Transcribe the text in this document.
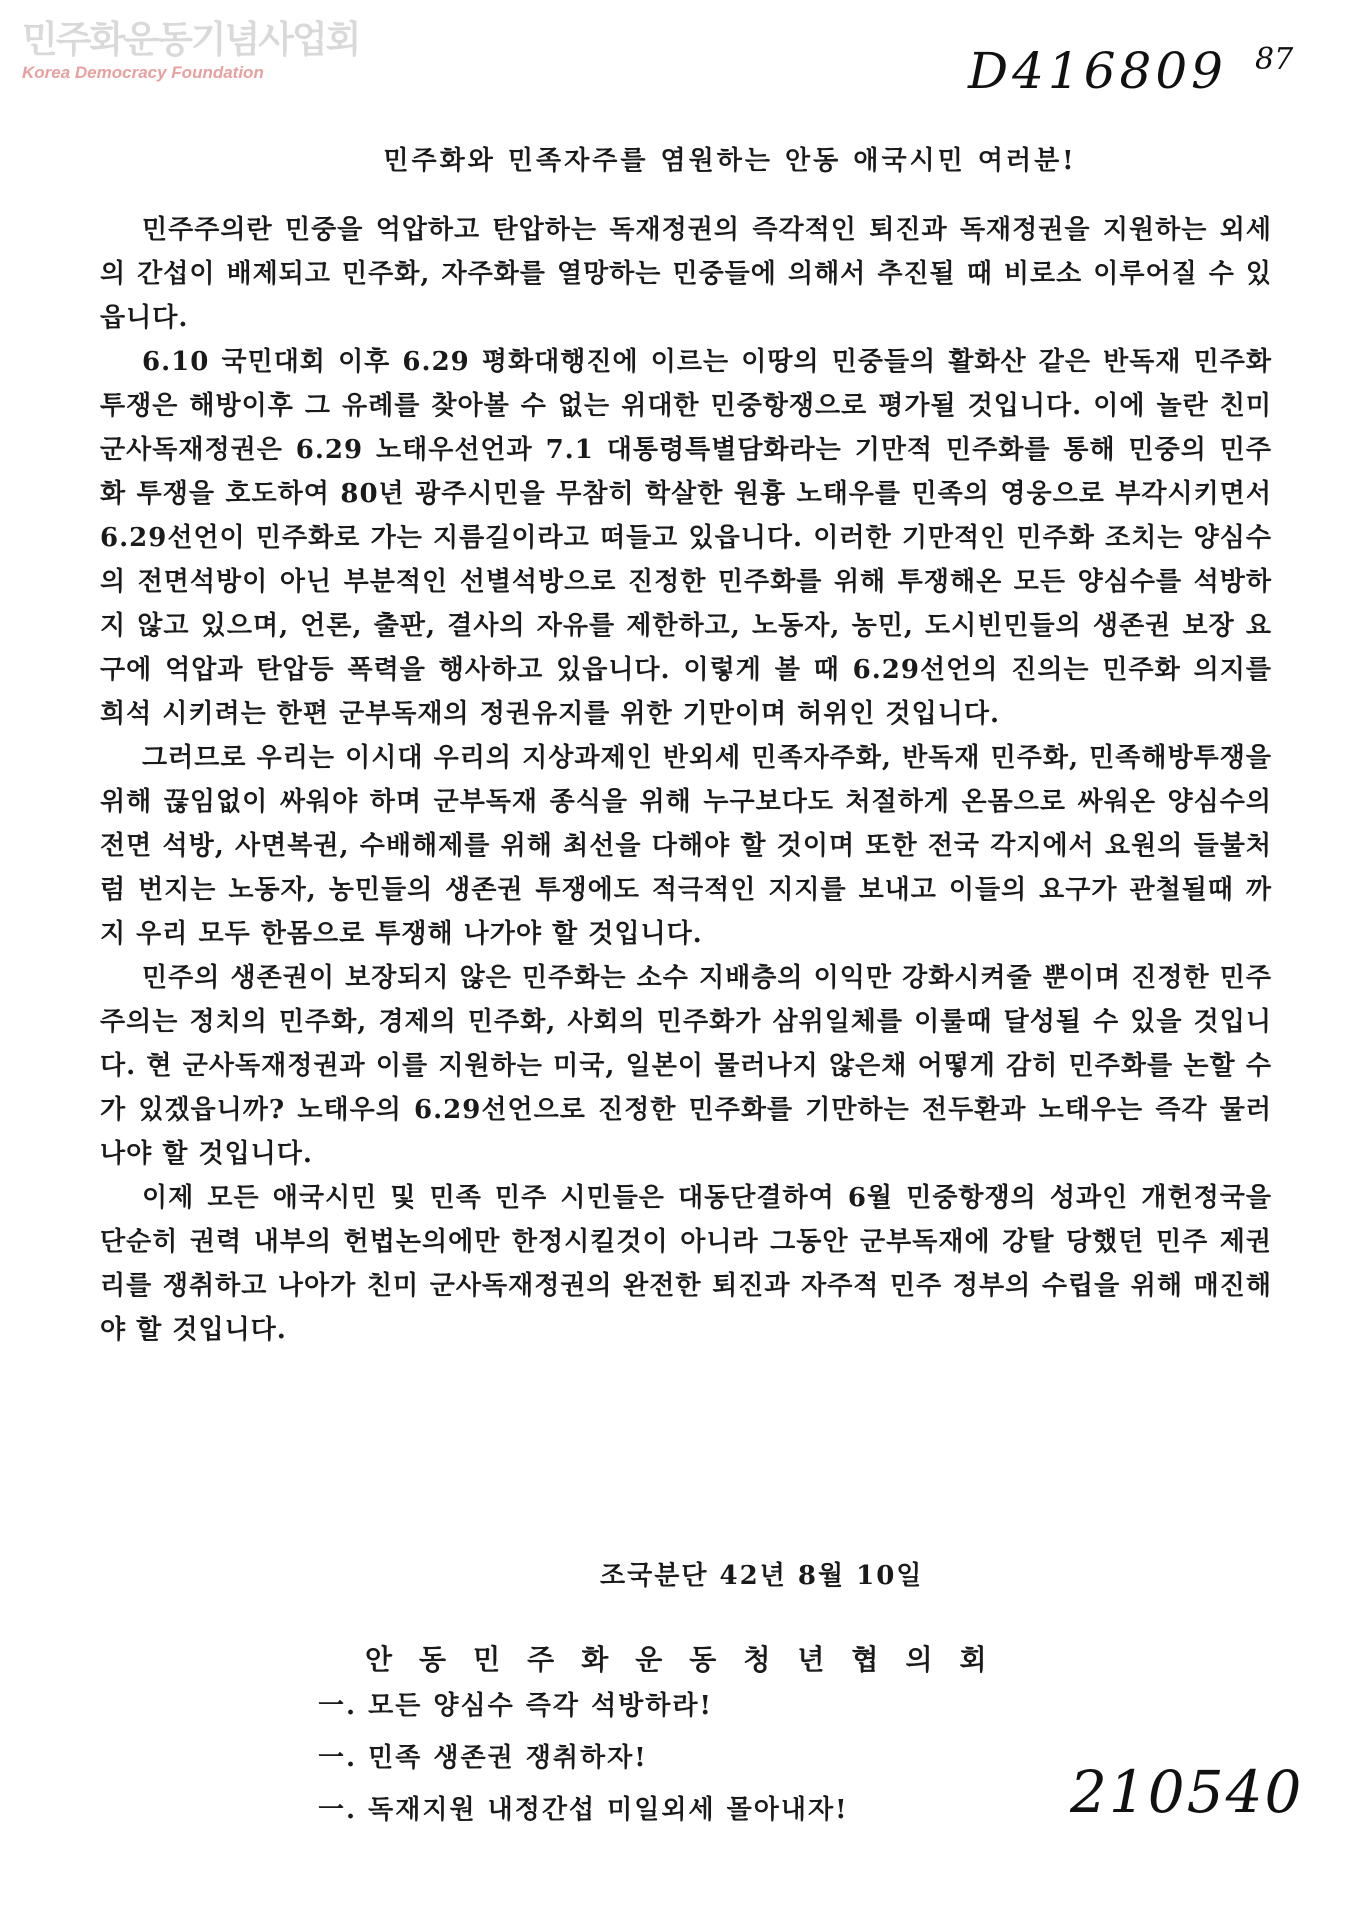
민주화운동기념사업회
Korea Democracy Foundation	D416809 87
민주화와 민족자주를 염원하는 안동 애국시민 여러분!

민주주의란 민중을 억압하고 탄압하는 독재정권의 즉각적인 퇴진과 독재정권을 지원하는 외세의 간섭이 배제되고 민주화, 자주화를 열망하는 민중들에 의해서 추진될 때 비로소 이루어질 수 있읍니다.

6.10 국민대회 이후 6.29 평화대행진에 이르는 이땅의 민중들의 활화산 같은 반독재 민주화 투쟁은 해방이후 그 유례를 찾아볼 수 없는 위대한 민중항쟁으로 평가될 것입니다. 이에 놀란 친미군사독재정권은 6.29 노태우선언과 7.1 대통령특별담화라는 기만적 민주화를 통해 민중의 민주화 투쟁을 호도하여 80년 광주시민을 무참히 학살한 원흉 노태우를 민족의 영웅으로 부각시키면서 6.29선언이 민주화로 가는 지름길이라고 떠들고 있읍니다. 이러한 기만적인 민주화 조치는 양심수의 전면석방이 아닌 부분적인 선별석방으로 진정한 민주화를 위해 투쟁해온 모든 양심수를 석방하지 않고 있으며, 언론, 출판, 결사의 자유를 제한하고, 노동자, 농민, 도시빈민들의 생존권 보장 요구에 억압과 탄압등 폭력을 행사하고 있읍니다. 이렇게 볼 때 6.29선언의 진의는 민주화 의지를 희석 시키려는 한편 군부독재의 정권유지를 위한 기만이며 허위인 것입니다.

그러므로 우리는 이시대 우리의 지상과제인 반외세 민족자주화, 반독재 민주화, 민족해방투쟁을 위해 끊임없이 싸워야 하며 군부독재 종식을 위해 누구보다도 처절하게 온몸으로 싸워온 양심수의 전면 석방, 사면복권, 수배해제를 위해 최선을 다해야 할 것이며 또한 전국 각지에서 요원의 들불처럼 번지는 노동자, 농민들의 생존권 투쟁에도 적극적인 지지를 보내고 이들의 요구가 관철될때 까지 우리 모두 한몸으로 투쟁해 나가야 할 것입니다.

민주의 생존권이 보장되지 않은 민주화는 소수 지배층의 이익만 강화시켜줄 뿐이며 진정한 민주주의는 정치의 민주화, 경제의 민주화, 사회의 민주화가 삼위일체를 이룰때 달성될 수 있을 것입니다. 현 군사독재정권과 이를 지원하는 미국, 일본이 물러나지 않은채 어떻게 감히 민주화를 논할 수가 있겠읍니까? 노태우의 6.29선언으로 진정한 민주화를 기만하는 전두환과 노태우는 즉각 물러나야 할 것입니다.

이제 모든 애국시민 및 민족 민주 시민들은 대동단결하여 6월 민중항쟁의 성과인 개헌정국을 단순히 권력 내부의 헌법논의에만 한정시킬것이 아니라 그동안 군부독재에 강탈 당했던 민주 제권리를 쟁취하고 나아가 친미 군사독재정권의 완전한 퇴진과 자주적 민주 정부의 수립을 위해 매진해야 할 것입니다.

조국분단 42년 8월 10일
안동민주화운동청년협의회
一. 모든 양심수 즉각 석방하라!
一. 민족 생존권 쟁취하자!
一. 독재지원 내정간섭 미일외세 몰아내자!	210540
